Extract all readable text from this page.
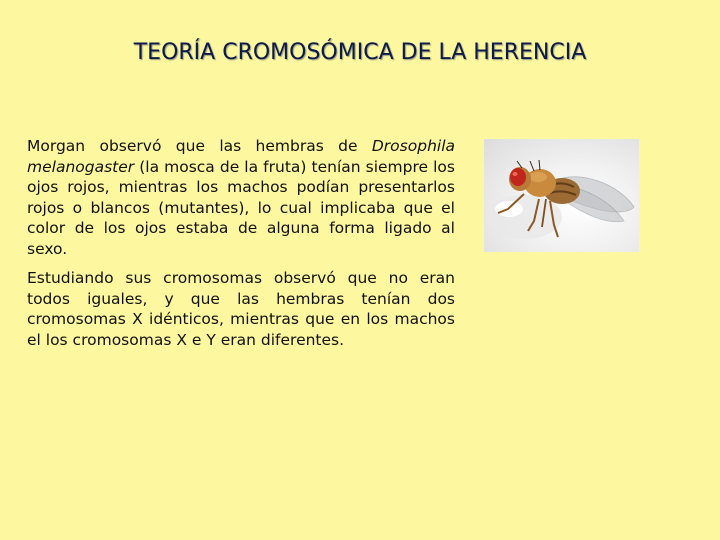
TEORÍA CROMOSÓMICA DE LA HERENCIA

Morgan observó que las hembras de Drosophila melanogaster (la mosca de la fruta) tenían siempre los ojos rojos, mientras los machos podían presentarlos rojos o blancos (mutantes), lo cual implicaba que el color de los ojos estaba de alguna forma ligado al sexo.

Estudiando sus cromosomas observó que no eran todos iguales, y que las hembras tenían dos cromosomas X idénticos, mientras que en los machos el los cromosomas X e Y eran diferentes.
